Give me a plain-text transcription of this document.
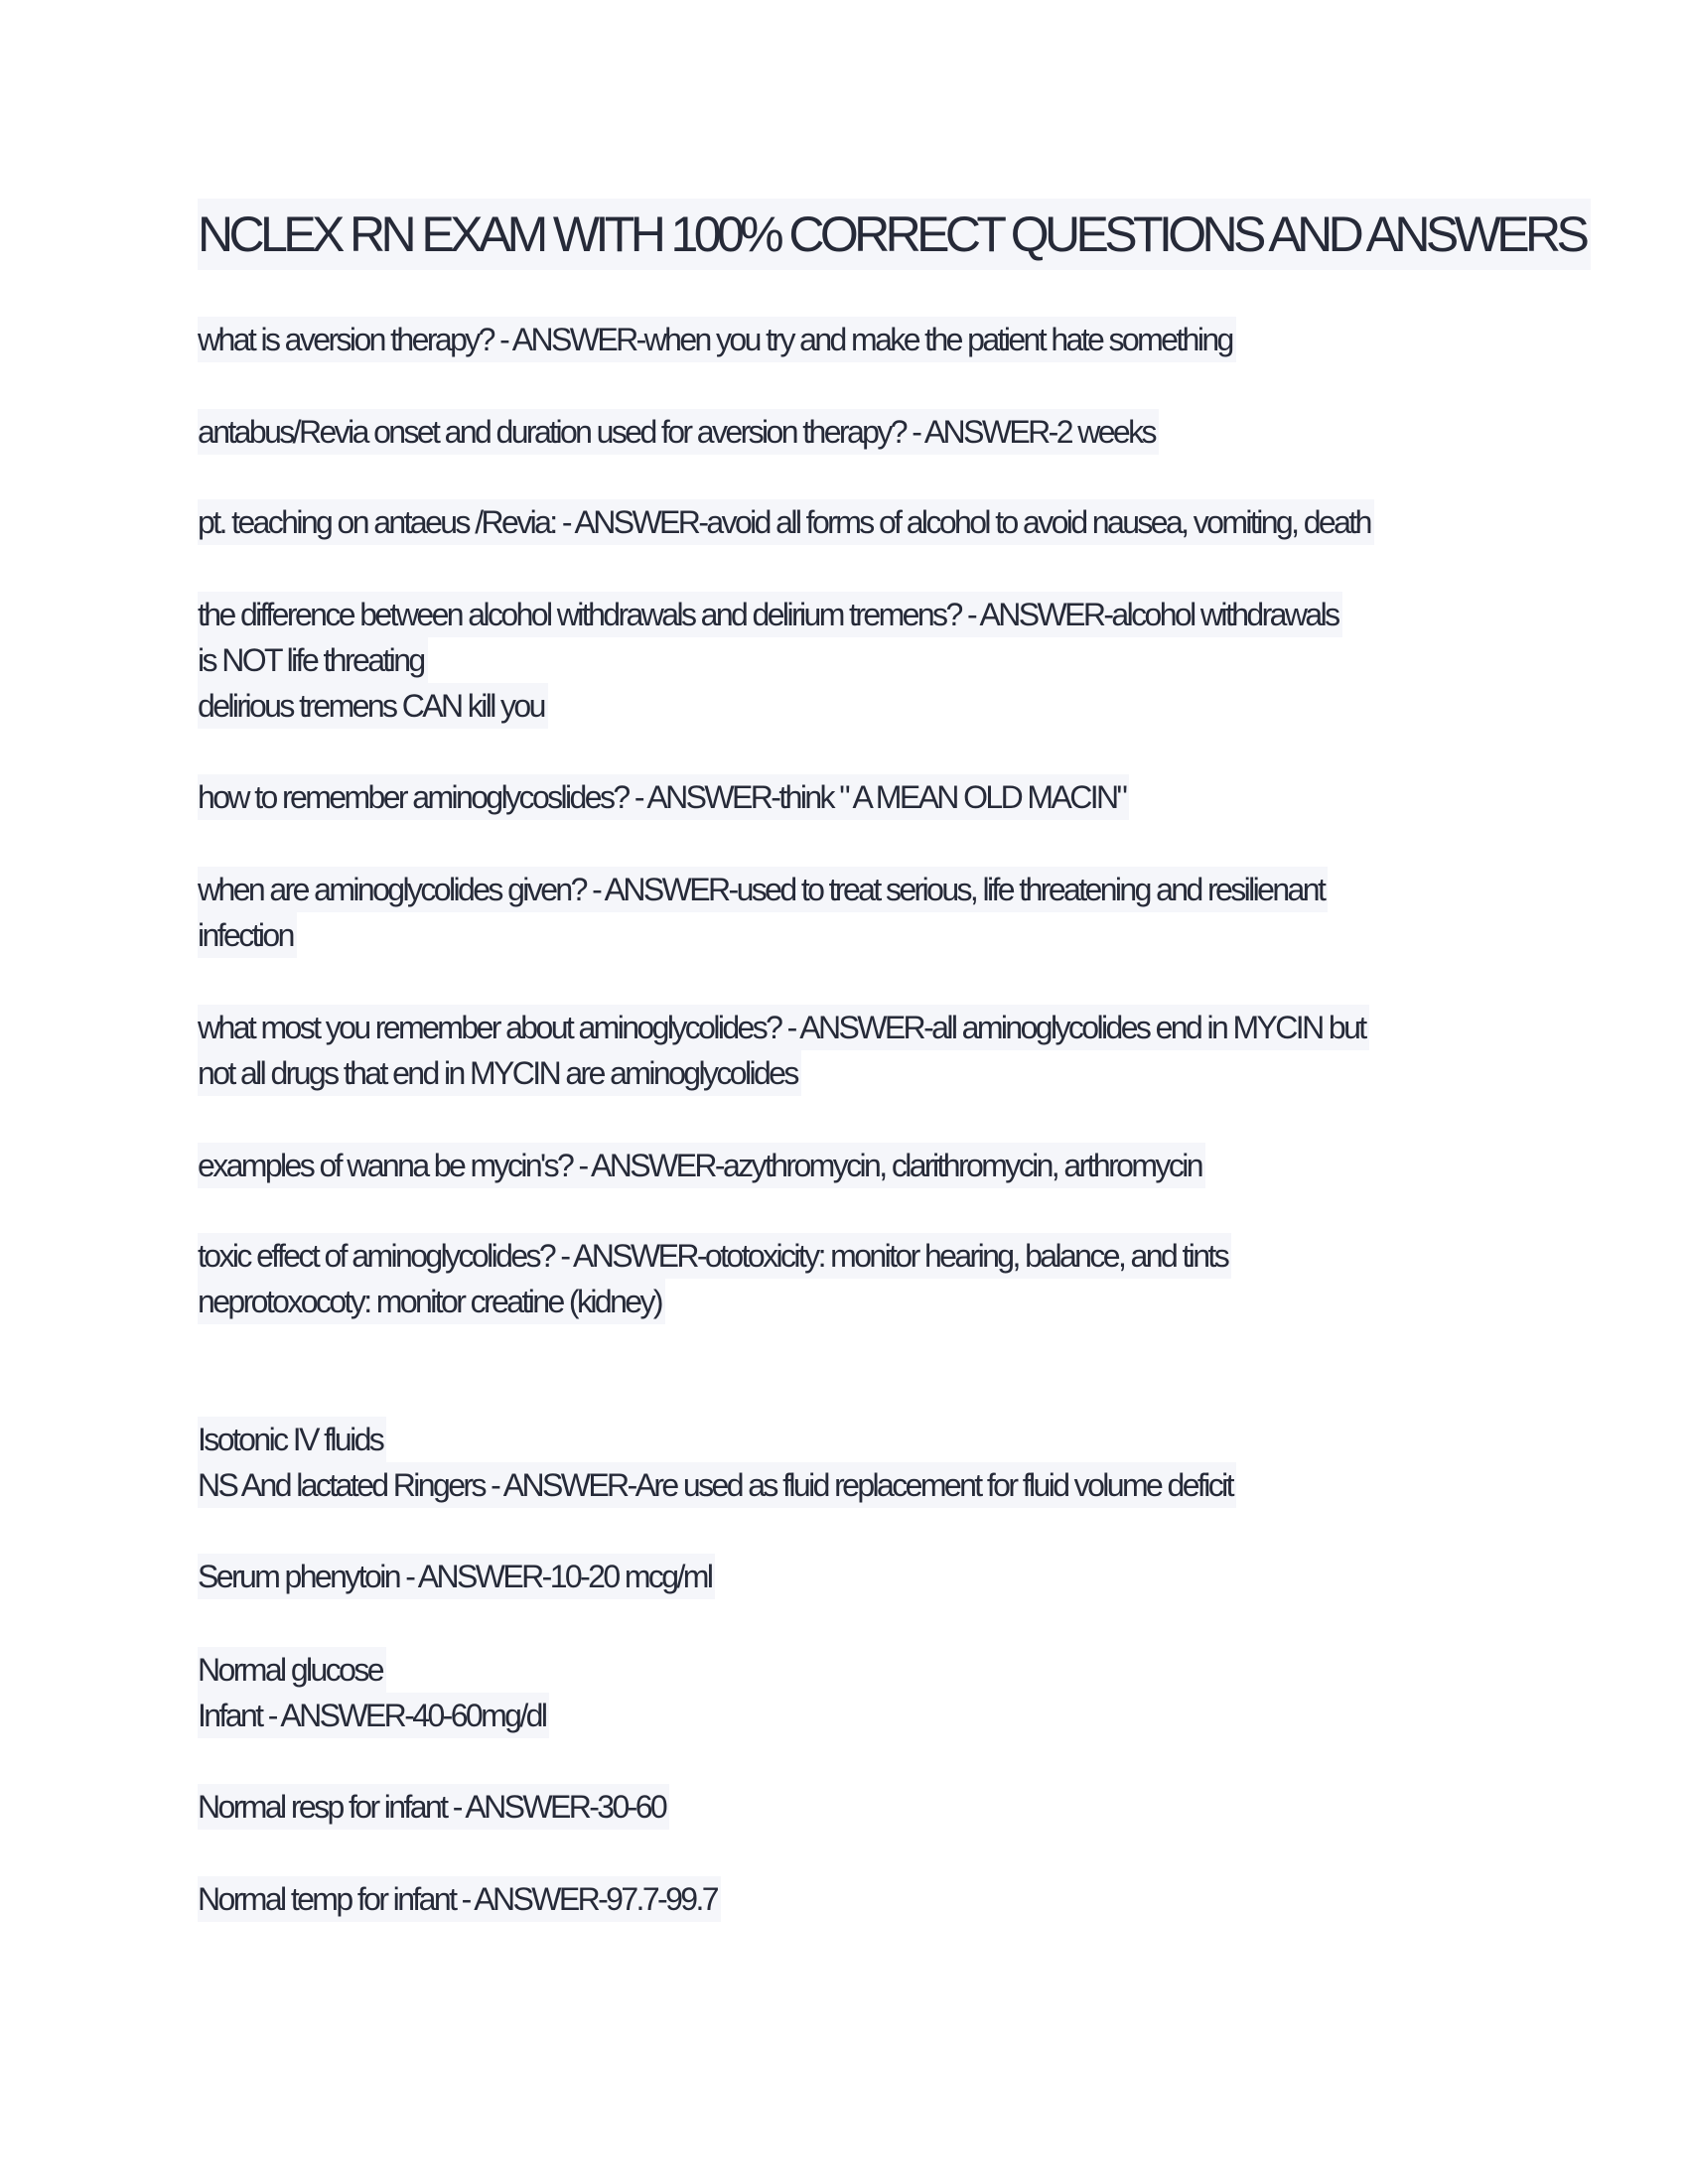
NCLEX RN EXAM WITH 100% CORRECT QUESTIONS AND ANSWERS
what is aversion therapy? - ANSWER-when you try and make the patient hate something
antabus/Revia onset and duration used for aversion therapy? - ANSWER-2 weeks
pt. teaching on antaeus /Revia: - ANSWER-avoid all forms of alcohol to avoid nausea, vomiting, death
the difference between alcohol withdrawals and delirium tremens? - ANSWER-alcohol withdrawals
is NOT life threating
delirious tremens CAN kill you
how to remember aminoglycoslides? - ANSWER-think " A MEAN OLD MACIN"
when are aminoglycolides given? - ANSWER-used to treat serious, life threatening and resilienant
infection
what most you remember about aminoglycolides? - ANSWER-all aminoglycolides end in MYCIN but
not all drugs that end in MYCIN are aminoglycolides
examples of wanna be mycin's? - ANSWER-azythromycin, clarithromycin, arthromycin
toxic effect of aminoglycolides? - ANSWER-ototoxicity: monitor hearing, balance, and tints
neprotoxocoty: monitor creatine (kidney)
Isotonic IV fluids
NS And lactated Ringers - ANSWER-Are used as fluid replacement for fluid volume deficit
Serum phenytoin - ANSWER-10-20 mcg/ml
Normal glucose
Infant - ANSWER-40-60mg/dl
Normal resp for infant - ANSWER-30-60
Normal temp for infant - ANSWER-97.7-99.7
